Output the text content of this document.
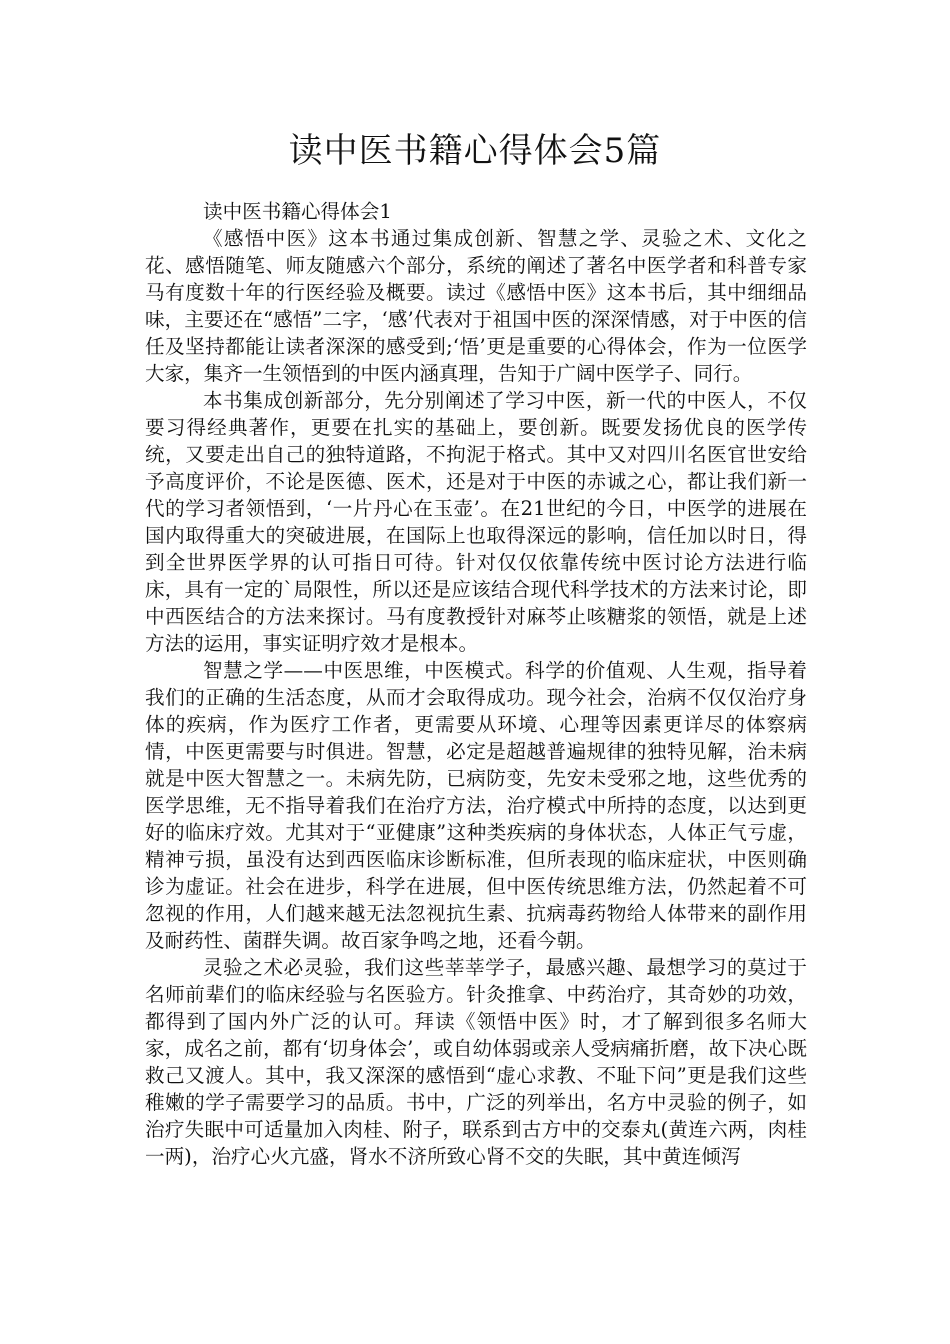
读中医书籍心得体会5篇

读中医书籍心得体会1

《感悟中医》这本书通过集成创新、智慧之学、灵验之术、文化之花、感悟随笔、师友随感六个部分，系统的阐述了著名中医学者和科普专家马有度数十年的行医经验及概要。读过《感悟中医》这本书后，其中细细品味，主要还在“感悟”二字，‘感’代表对于祖国中医的深深情感，对于中医的信任及坚持都能让读者深深的感受到;‘悟’更是重要的心得体会，作为一位医学大家，集齐一生领悟到的中医内涵真理，告知于广阔中医学子、同行。

本书集成创新部分，先分别阐述了学习中医，新一代的中医人，不仅要习得经典著作，更要在扎实的基础上，要创新。既要发扬优良的医学传统，又要走出自己的独特道路，不拘泥于格式。其中又对四川名医官世安给予高度评价，不论是医德、医术，还是对于中医的赤诚之心，都让我们新一代的学习者领悟到，‘一片丹心在玉壶’。在21世纪的今日，中医学的进展在国内取得重大的突破进展，在国际上也取得深远的影响，信任加以时日，得到全世界医学界的认可指日可待。针对仅仅依靠传统中医讨论方法进行临床，具有一定的`局限性，所以还是应该结合现代科学技术的方法来讨论，即中西医结合的方法来探讨。马有度教授针对麻芩止咳糖浆的领悟，就是上述方法的运用，事实证明疗效才是根本。

智慧之学——中医思维，中医模式。科学的价值观、人生观，指导着我们的正确的生活态度，从而才会取得成功。现今社会，治病不仅仅治疗身体的疾病，作为医疗工作者，更需要从环境、心理等因素更详尽的体察病情，中医更需要与时俱进。智慧，必定是超越普遍规律的独特见解，治未病就是中医大智慧之一。未病先防，已病防变，先安未受邪之地，这些优秀的医学思维，无不指导着我们在治疗方法，治疗模式中所持的态度，以达到更好的临床疗效。尤其对于“亚健康”这种类疾病的身体状态，人体正气亏虚，精神亏损，虽没有达到西医临床诊断标准，但所表现的临床症状，中医则确诊为虚证。社会在进步，科学在进展，但中医传统思维方法，仍然起着不可忽视的作用，人们越来越无法忽视抗生素、抗病毒药物给人体带来的副作用及耐药性、菌群失调。故百家争鸣之地，还看今朝。

灵验之术必灵验，我们这些莘莘学子，最感兴趣、最想学习的莫过于名师前辈们的临床经验与名医验方。针灸推拿、中药治疗，其奇妙的功效，都得到了国内外广泛的认可。拜读《领悟中医》时，才了解到很多名师大家，成名之前，都有‘切身体会’，或自幼体弱或亲人受病痛折磨，故下决心既救己又渡人。其中，我又深深的感悟到“虚心求教、不耻下问”更是我们这些稚嫩的学子需要学习的品质。书中，广泛的列举出，名方中灵验的例子，如治疗失眠中可适量加入肉桂、附子，联系到古方中的交泰丸(黄连六两，肉桂一两)，治疗心火亢盛，肾水不济所致心肾不交的失眠，其中黄连倾泻
